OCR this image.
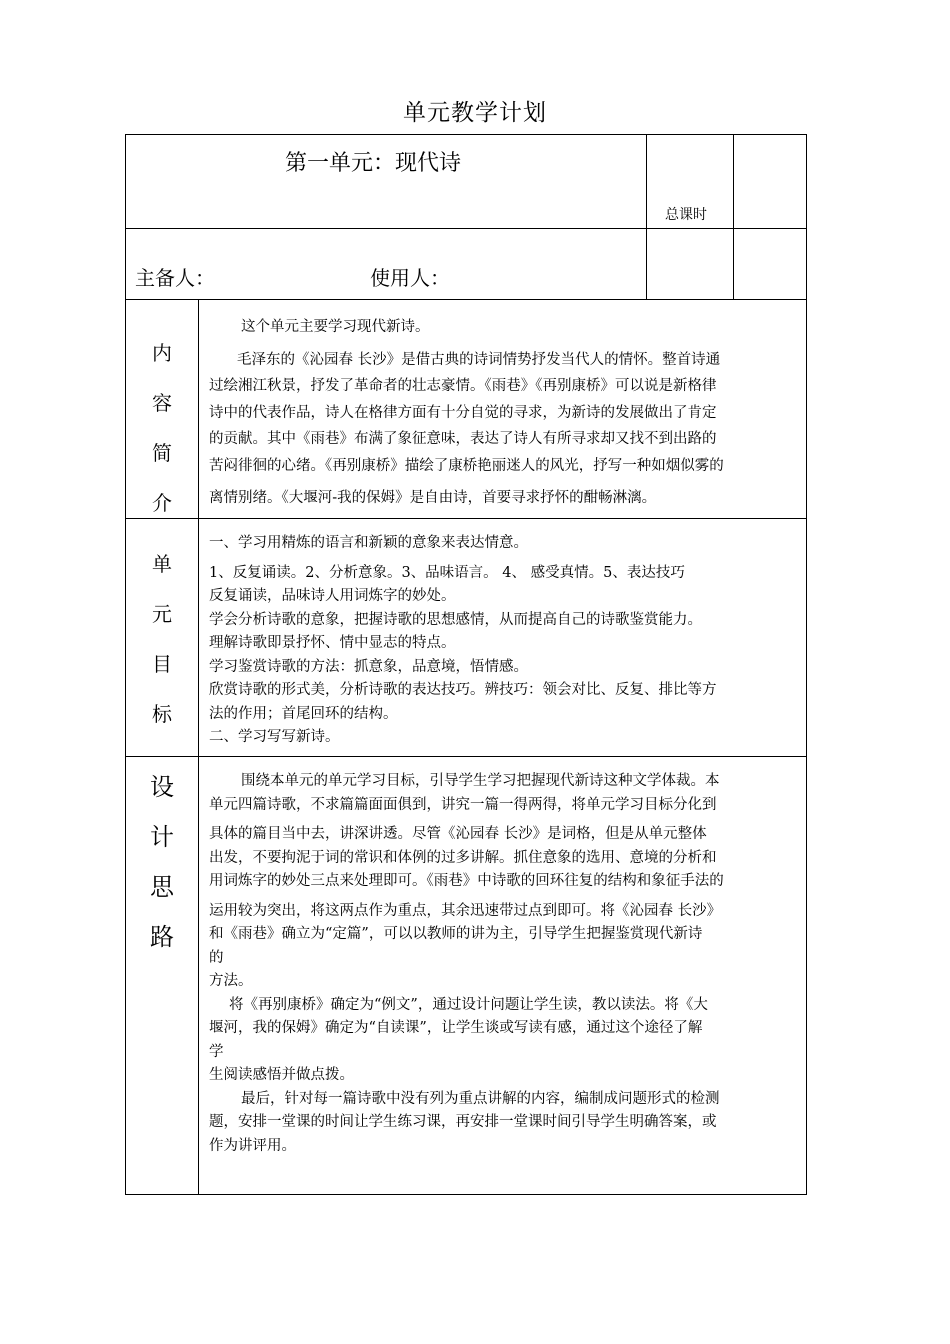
单元教学计划
第一单元：现代诗
总课时
主备人：	使用人：
内
容
简
介

这个单元主要学习现代新诗。

毛泽东的《沁园春 长沙》是借古典的诗词情势抒发当代人的情怀。整首诗通

过绘湘江秋景，抒发了革命者的壮志豪情。《雨巷》《再别康桥》可以说是新格律

诗中的代表作品，诗人在格律方面有十分自觉的寻求，为新诗的发展做出了肯定

的贡献。其中《雨巷》布满了象征意味，表达了诗人有所寻求却又找不到出路的

苦闷徘徊的心绪。《再别康桥》描绘了康桥艳丽迷人的风光，抒写一种如烟似雾的

离情别绪。《大堰河-我的保姆》是自由诗，首要寻求抒怀的酣畅淋漓。

单
元
目
标

一、学习用精炼的语言和新颖的意象来表达情意。

1、反复诵读。2、分析意象。3、品味语言。 4、 感受真情。5、表达技巧

反复诵读，品味诗人用词炼字的妙处。

学会分析诗歌的意象，把握诗歌的思想感情，从而提高自己的诗歌鉴赏能力。

理解诗歌即景抒怀、情中显志的特点。

学习鉴赏诗歌的方法：抓意象，品意境，悟情感。

欣赏诗歌的形式美，分析诗歌的表达技巧。辨技巧：领会对比、反复、排比等方

法的作用；首尾回环的结构。

二、学习写写新诗。

设
计
思
路

围绕本单元的单元学习目标，引导学生学习把握现代新诗这种文学体裁。本

单元四篇诗歌，不求篇篇面面俱到，讲究一篇一得两得，将单元学习目标分化到

具体的篇目当中去，讲深讲透。尽管《沁园春 长沙》是词格，但是从单元整体

出发，不要拘泥于词的常识和体例的过多讲解。抓住意象的选用、意境的分析和

用词炼字的妙处三点来处理即可。《雨巷》中诗歌的回环往复的结构和象征手法的

运用较为突出，将这两点作为重点，其余迅速带过点到即可。将《沁园春 长沙》

和《雨巷》确立为“定篇”，可以以教师的讲为主，引导学生把握鉴赏现代新诗

的

方法。

将《再别康桥》确定为“例文”，通过设计问题让学生读，教以读法。将《大

堰河，我的保姆》确定为“自读课”，让学生谈或写读有感，通过这个途径了解

学

生阅读感悟并做点拨。

最后，针对每一篇诗歌中没有列为重点讲解的内容，编制成问题形式的检测

题，安排一堂课的时间让学生练习课，再安排一堂课时间引导学生明确答案，或

作为讲评用。
